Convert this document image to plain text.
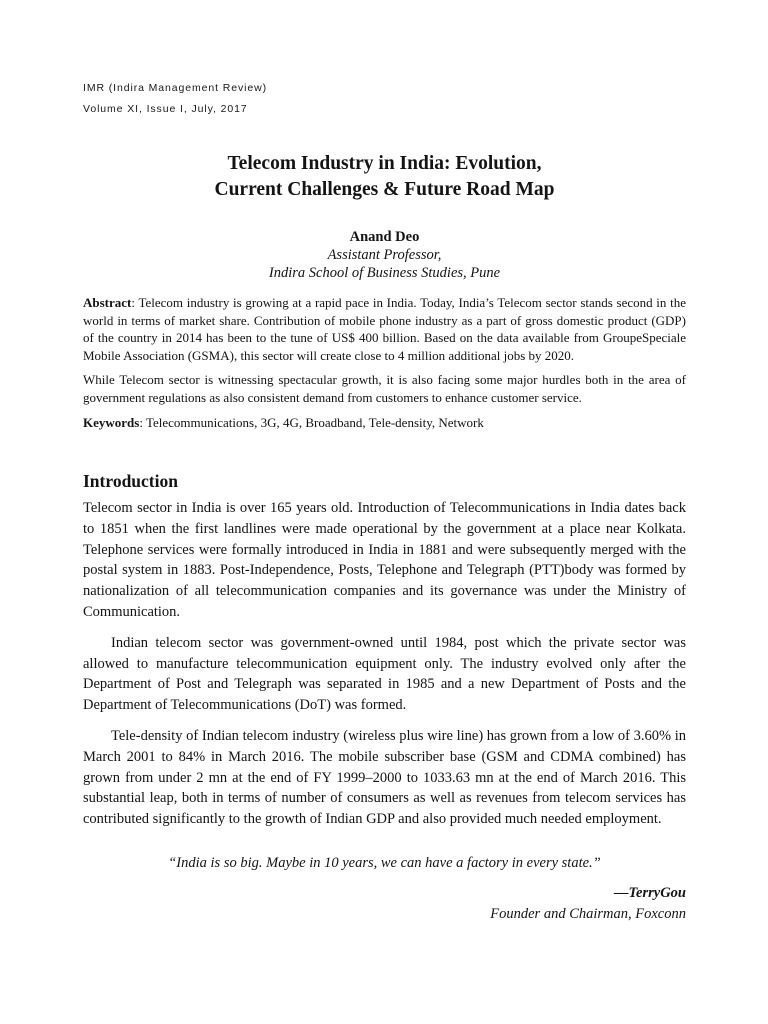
IMR (Indira Management Review)
Volume XI, Issue I, July, 2017
Telecom Industry in India: Evolution,
Current Challenges & Future Road Map
Anand Deo
Assistant Professor,
Indira School of Business Studies, Pune

Abstract: Telecom industry is growing at a rapid pace in India. Today, India’s Telecom sector stands second in the world in terms of market share. Contribution of mobile phone industry as a part of gross domestic product (GDP) of the country in 2014 has been to the tune of US$ 400 billion. Based on the data available from GroupeSpeciale Mobile Association (GSMA), this sector will create close to 4 million additional jobs by 2020.

While Telecom sector is witnessing spectacular growth, it is also facing some major hurdles both in the area of government regulations as also consistent demand from customers to enhance customer service.

Keywords: Telecommunications, 3G, 4G, Broadband, Tele-density, Network

Introduction

Telecom sector in India is over 165 years old. Introduction of Telecommunications in India dates back to 1851 when the first landlines were made operational by the government at a place near Kolkata. Telephone services were formally introduced in India in 1881 and were subsequently merged with the postal system in 1883. Post-Independence, Posts, Telephone and Telegraph (PTT)body was formed by nationalization of all telecommunication companies and its governance was under the Ministry of Communication.

Indian telecom sector was government-owned until 1984, post which the private sector was allowed to manufacture telecommunication equipment only. The industry evolved only after the Department of Post and Telegraph was separated in 1985 and a new Department of Posts and the Department of Telecommunications (DoT) was formed.

Tele-density of Indian telecom industry (wireless plus wire line) has grown from a low of 3.60% in March 2001 to 84% in March 2016. The mobile subscriber base (GSM and CDMA combined) has grown from under 2 mn at the end of FY 1999–2000 to 1033.63 mn at the end of March 2016. This substantial leap, both in terms of number of consumers as well as revenues from telecom services has contributed significantly to the growth of Indian GDP and also provided much needed employment.

“India is so big. Maybe in 10 years, we can have a factory in every state.”
—TerryGou
Founder and Chairman, Foxconn
